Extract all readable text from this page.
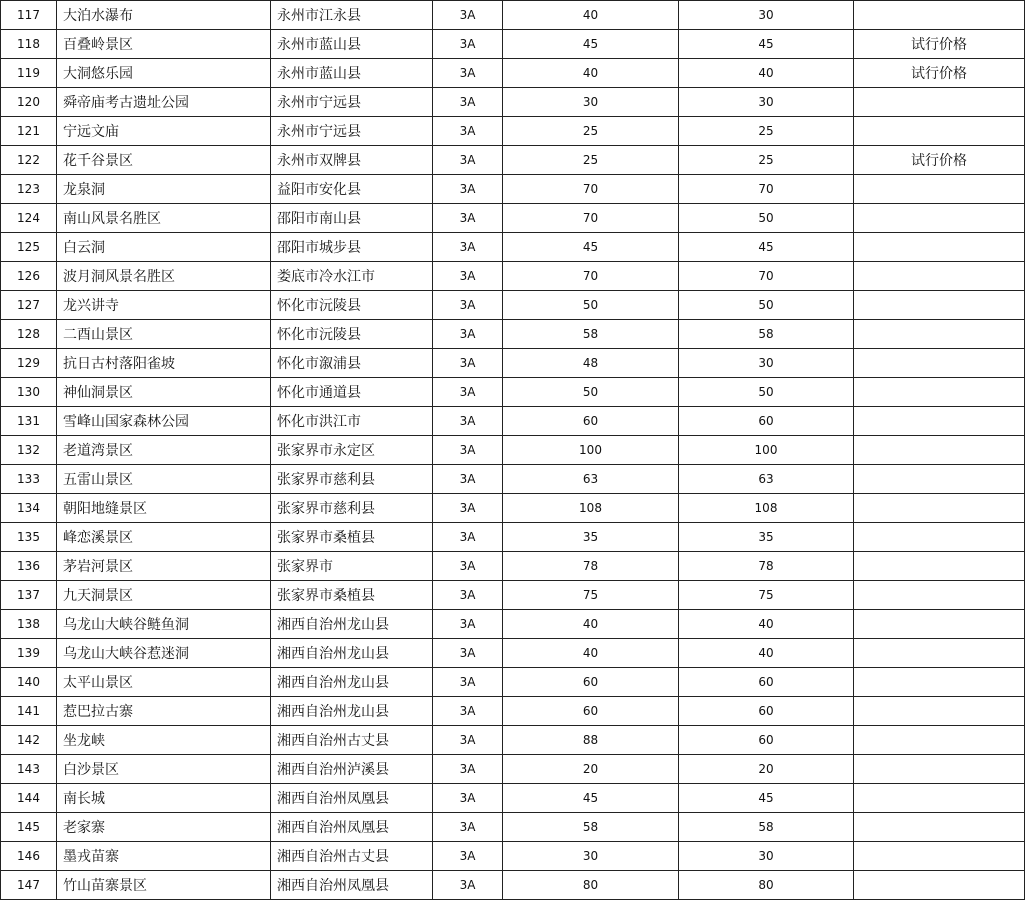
117	大泊水瀑布	永州市江永县	3A	40	30	
118	百叠岭景区	永州市蓝山县	3A	45	45	试行价格
119	大洞悠乐园	永州市蓝山县	3A	40	40	试行价格
120	舜帝庙考古遗址公园	永州市宁远县	3A	30	30	
121	宁远文庙	永州市宁远县	3A	25	25	
122	花千谷景区	永州市双牌县	3A	25	25	试行价格
123	龙泉洞	益阳市安化县	3A	70	70	
124	南山风景名胜区	邵阳市南山县	3A	70	50	
125	白云洞	邵阳市城步县	3A	45	45	
126	波月洞风景名胜区	娄底市冷水江市	3A	70	70	
127	龙兴讲寺	怀化市沅陵县	3A	50	50	
128	二酉山景区	怀化市沅陵县	3A	58	58	
129	抗日古村落阳雀坡	怀化市溆浦县	3A	48	30	
130	神仙洞景区	怀化市通道县	3A	50	50	
131	雪峰山国家森林公园	怀化市洪江市	3A	60	60	
132	老道湾景区	张家界市永定区	3A	100	100	
133	五雷山景区	张家界市慈利县	3A	63	63	
134	朝阳地缝景区	张家界市慈利县	3A	108	108	
135	峰恋溪景区	张家界市桑植县	3A	35	35	
136	茅岩河景区	张家界市	3A	78	78	
137	九天洞景区	张家界市桑植县	3A	75	75	
138	乌龙山大峡谷鲢鱼洞	湘西自治州龙山县	3A	40	40	
139	乌龙山大峡谷惹迷洞	湘西自治州龙山县	3A	40	40	
140	太平山景区	湘西自治州龙山县	3A	60	60	
141	惹巴拉古寨	湘西自治州龙山县	3A	60	60	
142	坐龙峡	湘西自治州古丈县	3A	88	60	
143	白沙景区	湘西自治州泸溪县	3A	20	20	
144	南长城	湘西自治州凤凰县	3A	45	45	
145	老家寨	湘西自治州凤凰县	3A	58	58	
146	墨戎苗寨	湘西自治州古丈县	3A	30	30	
147	竹山苗寨景区	湘西自治州凤凰县	3A	80	80	
